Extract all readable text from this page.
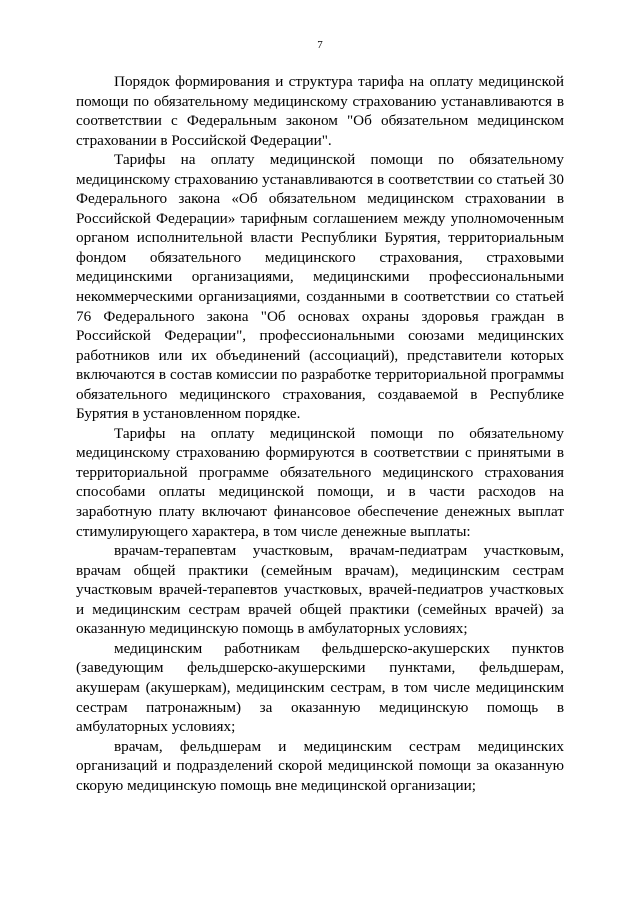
7

Порядок формирования и структура тарифа на оплату медицинской помощи по обязательному медицинскому страхованию устанавливаются в соответствии с Федеральным законом "Об обязательном медицинском страховании в Российской Федерации".

Тарифы на оплату медицинской помощи по обязательному медицинскому страхованию устанавливаются в соответствии со статьей 30 Федерального закона «Об обязательном медицинском страховании в Российской Федерации» тарифным соглашением между уполномоченным органом исполнительной власти Республики Бурятия, территориальным фондом обязательного медицинского страхования, страховыми медицинскими организациями, медицинскими профессиональными некоммерческими организациями, созданными в соответствии со статьей 76 Федерального закона "Об основах охраны здоровья граждан в Российской Федерации", профессиональными союзами медицинских работников или их объединений (ассоциаций), представители которых включаются в состав комиссии по разработке территориальной программы обязательного медицинского страхования, создаваемой в Республике Бурятия в установленном порядке.

Тарифы на оплату медицинской помощи по обязательному медицинскому страхованию формируются в соответствии с принятыми в территориальной программе обязательного медицинского страхования способами оплаты медицинской помощи, и в части расходов на заработную плату включают финансовое обеспечение денежных выплат стимулирующего характера, в том числе денежные выплаты:

врачам-терапевтам участковым, врачам-педиатрам участковым, врачам общей практики (семейным врачам), медицинским сестрам участковым врачей-терапевтов участковых, врачей-педиатров участковых и медицинским сестрам врачей общей практики (семейных врачей) за оказанную медицинскую помощь в амбулаторных условиях;

медицинским работникам фельдшерско-акушерских пунктов (заведующим фельдшерско-акушерскими пунктами, фельдшерам, акушерам (акушеркам), медицинским сестрам, в том числе медицинским сестрам патронажным) за оказанную медицинскую помощь в амбулаторных условиях;

врачам, фельдшерам и медицинским сестрам медицинских организаций и подразделений скорой медицинской помощи за оказанную скорую медицинскую помощь вне медицинской организации;
